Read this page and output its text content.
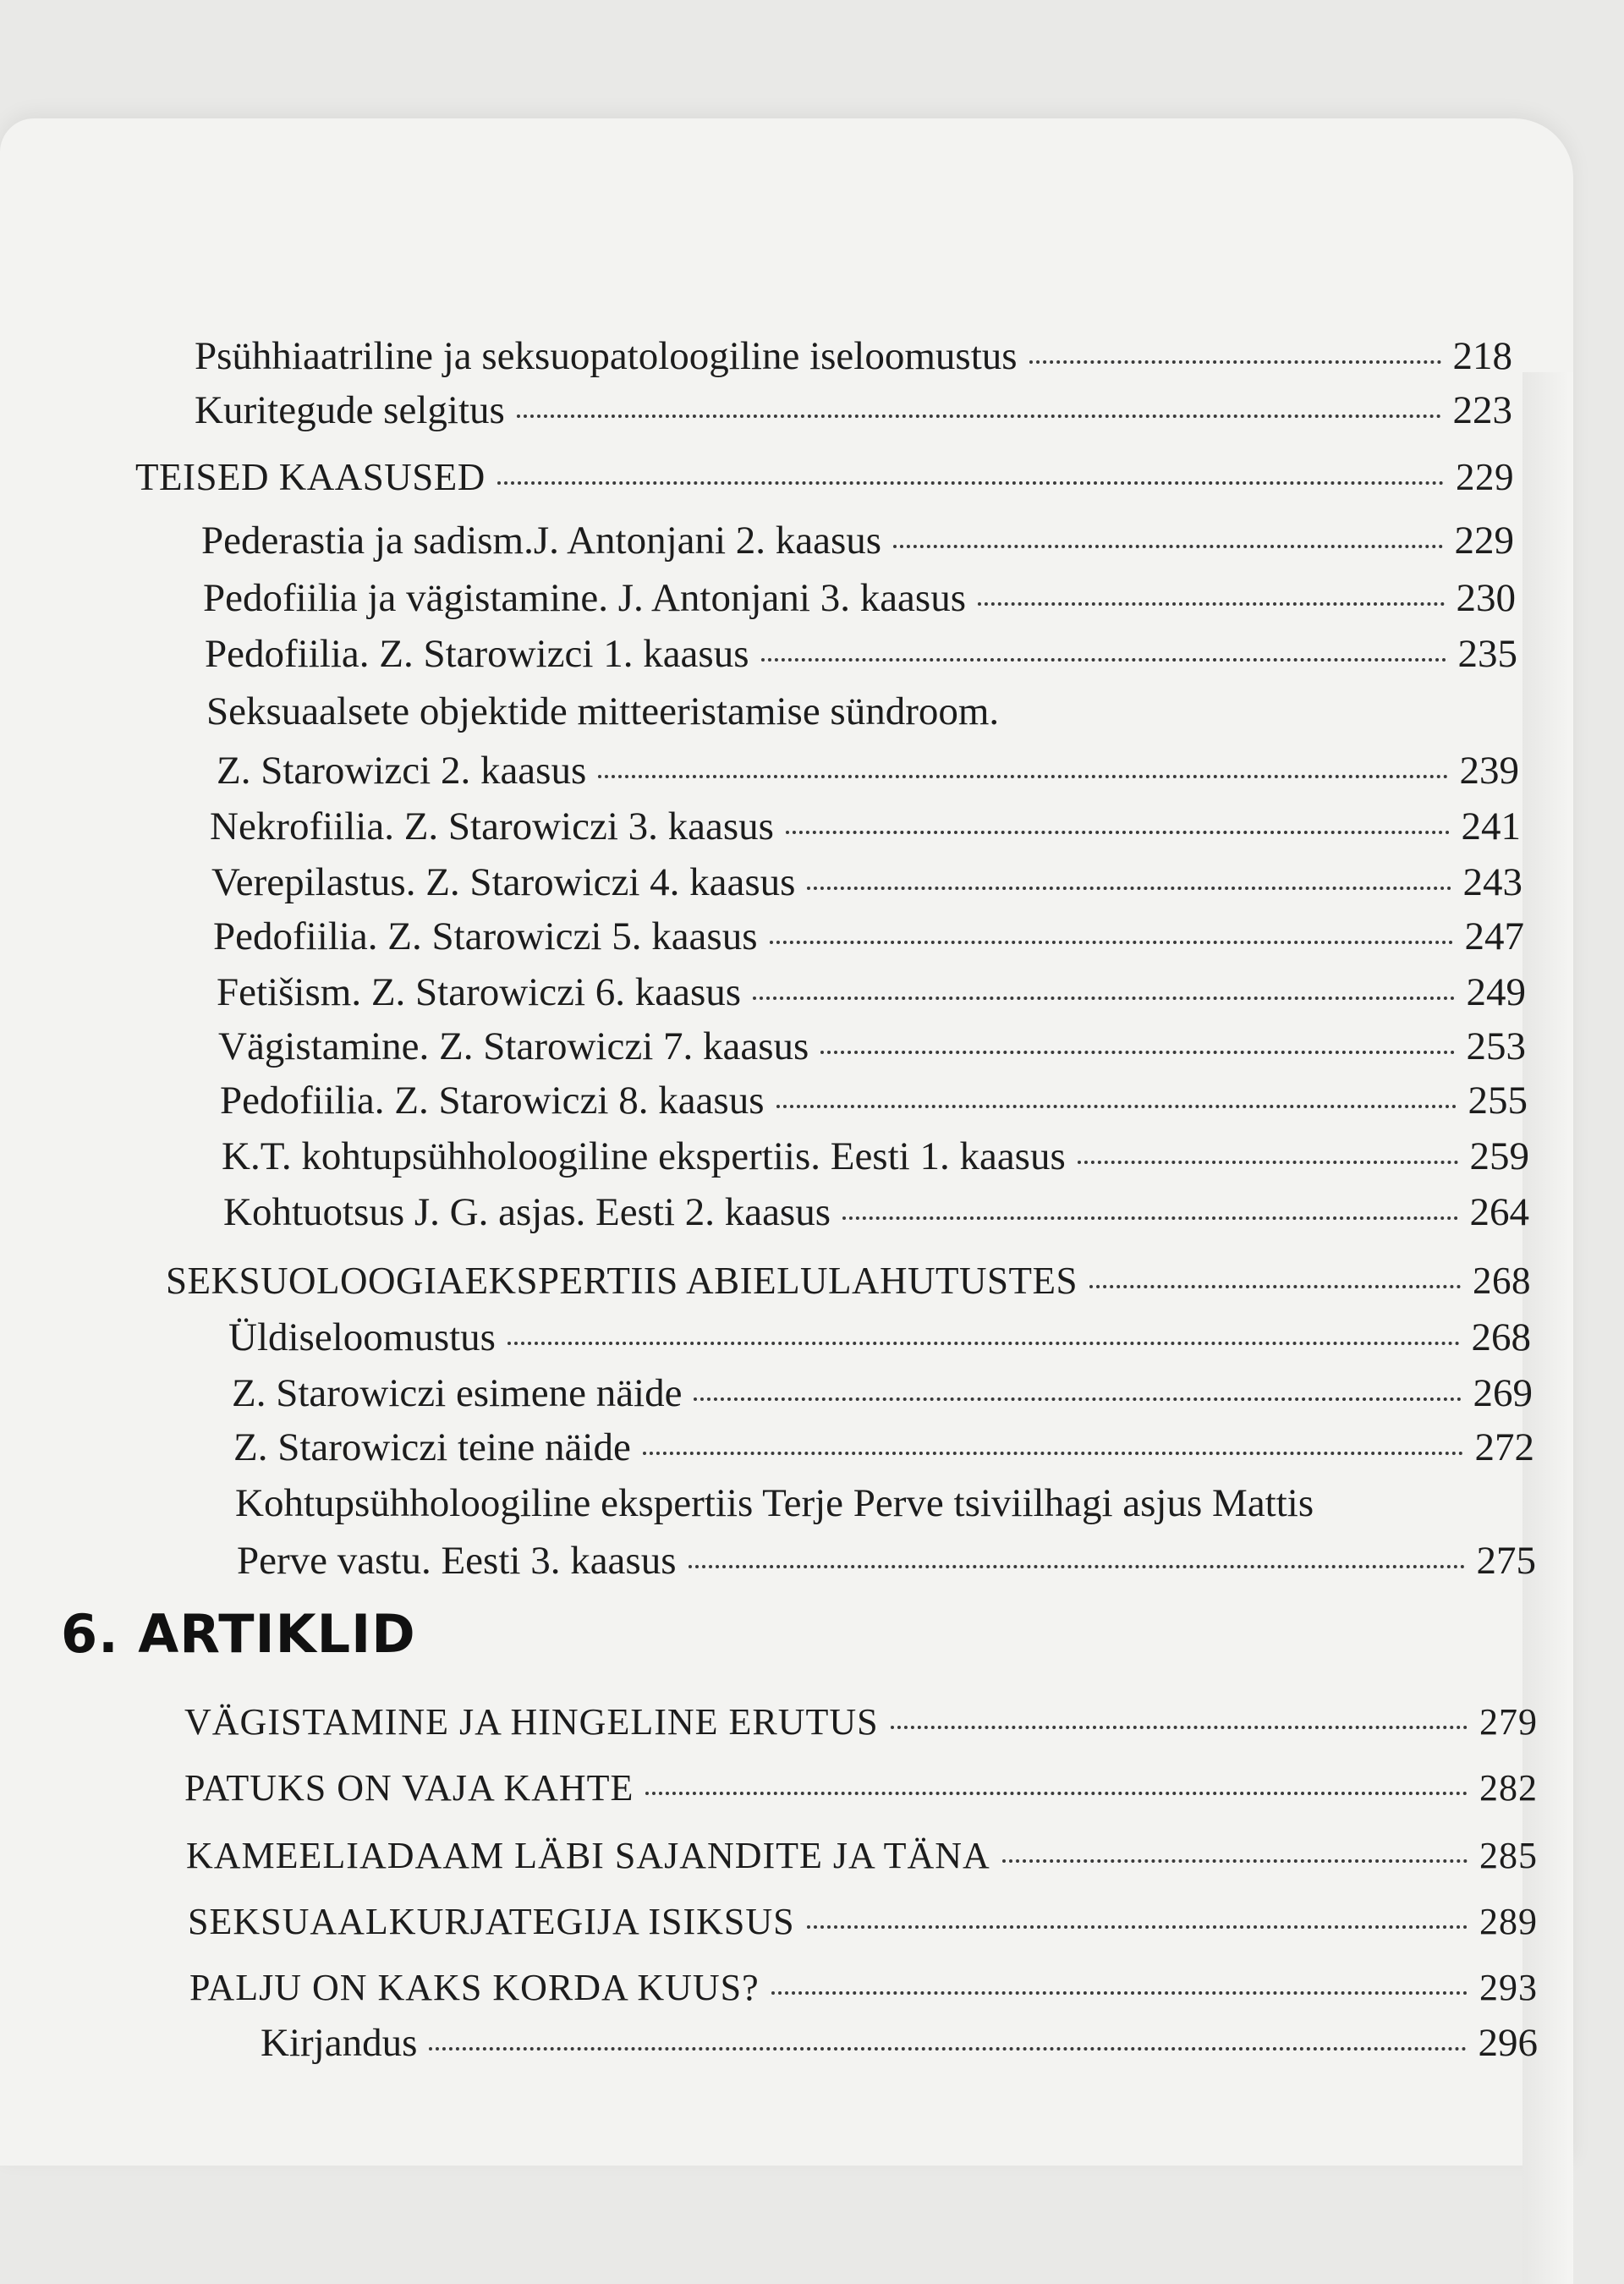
Psühhiaatriline ja seksuopatoloogiline iseloomustus	218
Kuritegude selgitus	223
TEISED KAASUSED	229
Pederastia ja sadism.J. Antonjani 2. kaasus	229
Pedofiilia ja vägistamine. J. Antonjani 3. kaasus	230
Pedofiilia. Z. Starowizci 1. kaasus	235
Seksuaalsete objektide mitteeristamise sündroom.
Z. Starowizci 2. kaasus	239
Nekrofiilia. Z. Starowiczi 3. kaasus	241
Verepilastus. Z. Starowiczi 4. kaasus	243
Pedofiilia. Z. Starowiczi 5. kaasus	247
Fetišism. Z. Starowiczi 6. kaasus	249
Vägistamine. Z. Starowiczi 7. kaasus	253
Pedofiilia. Z. Starowiczi 8. kaasus	255
K.T. kohtupsühholoogiline ekspertiis. Eesti 1. kaasus	259
Kohtuotsus J. G. asjas. Eesti 2. kaasus	264
SEKSUOLOOGIAEKSPERTIIS ABIELULAHUTUSTES	268
Üldiseloomustus	268
Z. Starowiczi esimene näide	269
Z. Starowiczi teine näide	272
Kohtupsühholoogiline ekspertiis Terje Perve tsiviilhagi asjus Mattis
Perve vastu. Eesti 3. kaasus	275
6. ARTIKLID
VÄGISTAMINE JA HINGELINE ERUTUS	279
PATUKS ON VAJA KAHTE	282
KAMEELIADAAM LÄBI SAJANDITE JA TÄNA	285
SEKSUAALKURJATEGIJA ISIKSUS	289
PALJU ON KAKS KORDA KUUS?	293
Kirjandus	296
